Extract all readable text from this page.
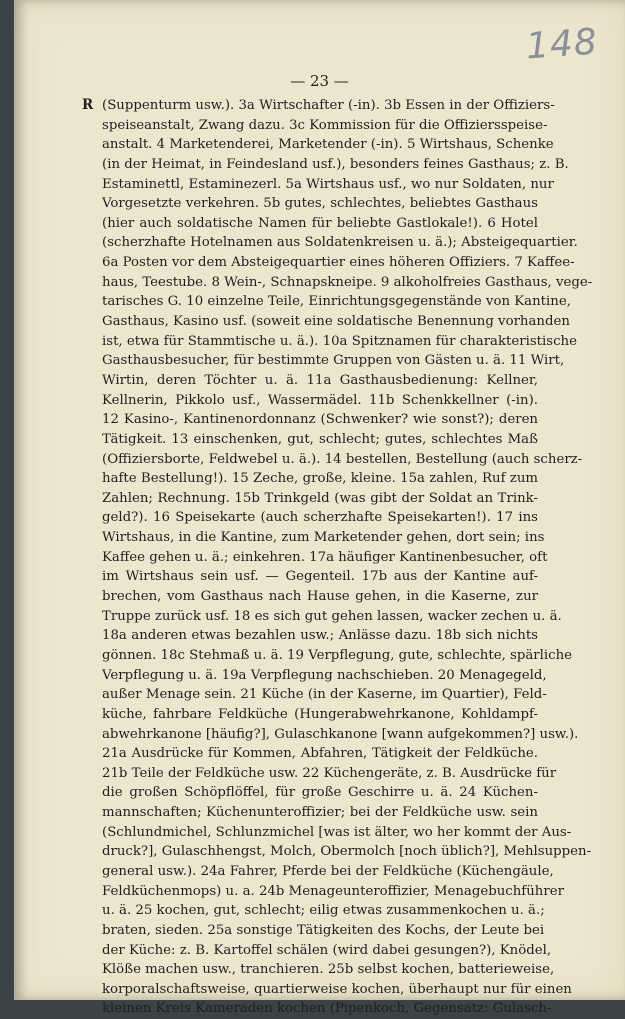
148
— 23 —
R (Suppenturm usw.). 3a Wirtschafter (-in). 3b Essen in der Offiziers-
speiseanstalt, Zwang dazu. 3c Kommission für die Offiziersspeise-
anstalt. 4 Marketenderei, Marketender (-in). 5 Wirtshaus, Schenke
(in der Heimat, in Feindesland usf.), besonders feines Gasthaus; z. B.
Estaminettl, Estaminezerl. 5a Wirtshaus usf., wo nur Soldaten, nur
Vorgesetzte verkehren. 5b gutes, schlechtes, beliebtes Gasthaus
(hier auch soldatische Namen für beliebte Gastlokale!). 6 Hotel
(scherzhafte Hotelnamen aus Soldatenkreisen u. ä.); Absteigequartier.
6a Posten vor dem Absteigequartier eines höheren Offiziers. 7 Kaffee-
haus, Teestube. 8 Wein-, Schnapskneipe. 9 alkoholfreies Gasthaus, vege-
tarisches G. 10 einzelne Teile, Einrichtungsgegenstände von Kantine,
Gasthaus, Kasino usf. (soweit eine soldatische Benennung vorhanden
ist, etwa für Stammtische u. ä.). 10a Spitznamen für charakteristische
Gasthausbesucher, für bestimmte Gruppen von Gästen u. ä. 11 Wirt,
Wirtin, deren Töchter u. ä. 11a Gasthausbedienung: Kellner,
Kellnerin, Pikkolo usf., Wassermädel. 11b Schenkkellner (-in).
12 Kasino-, Kantinenordonnanz (Schwenker? wie sonst?); deren
Tätigkeit. 13 einschenken, gut, schlecht; gutes, schlechtes Maß
(Offiziersborte, Feldwebel u. ä.). 14 bestellen, Bestellung (auch scherz-
hafte Bestellung!). 15 Zeche, große, kleine. 15a zahlen, Ruf zum
Zahlen; Rechnung. 15b Trinkgeld (was gibt der Soldat an Trink-
geld?). 16 Speisekarte (auch scherzhafte Speisekarten!). 17 ins
Wirtshaus, in die Kantine, zum Marketender gehen, dort sein; ins
Kaffee gehen u. ä.; einkehren. 17a häufiger Kantinenbesucher, oft
im Wirtshaus sein usf. — Gegenteil. 17b aus der Kantine auf-
brechen, vom Gasthaus nach Hause gehen, in die Kaserne, zur
Truppe zurück usf. 18 es sich gut gehen lassen, wacker zechen u. ä.
18a anderen etwas bezahlen usw.; Anlässe dazu. 18b sich nichts
gönnen. 18c Stehmaß u. ä. 19 Verpflegung, gute, schlechte, spärliche
Verpflegung u. ä. 19a Verpflegung nachschieben. 20 Menagegeld,
außer Menage sein. 21 Küche (in der Kaserne, im Quartier), Feld-
küche, fahrbare Feldküche (Hungerabwehrkanone, Kohldampf-
abwehrkanone [häufig?], Gulaschkanone [wann aufgekommen?] usw.).
21a Ausdrücke für Kommen, Abfahren, Tätigkeit der Feldküche.
21b Teile der Feldküche usw. 22 Küchengeräte, z. B. Ausdrücke für
die großen Schöpflöffel, für große Geschirre u. ä. 24 Küchen-
mannschaften; Küchenunteroffizier; bei der Feldküche usw. sein
(Schlundmichel, Schlunzmichel [was ist älter, wo her kommt der Aus-
druck?], Gulaschhengst, Molch, Obermolch [noch üblich?], Mehlsuppen-
general usw.). 24a Fahrer, Pferde bei der Feldküche (Küchengäule,
Feldküchenmops) u. a. 24b Menageunteroffizier, Menagebuchführer
u. ä. 25 kochen, gut, schlecht; eilig etwas zusammenkochen u. ä.;
braten, sieden. 25a sonstige Tätigkeiten des Kochs, der Leute bei
der Küche: z. B. Kartoffel schälen (wird dabei gesungen?), Knödel,
Klöße machen usw., tranchieren. 25b selbst kochen, batterieweise,
korporalschaftsweise, quartierweise kochen, überhaupt nur für einen
kleinen Kreis Kameraden kochen (Pipenkoch, Gegensatz: Gulasch-
